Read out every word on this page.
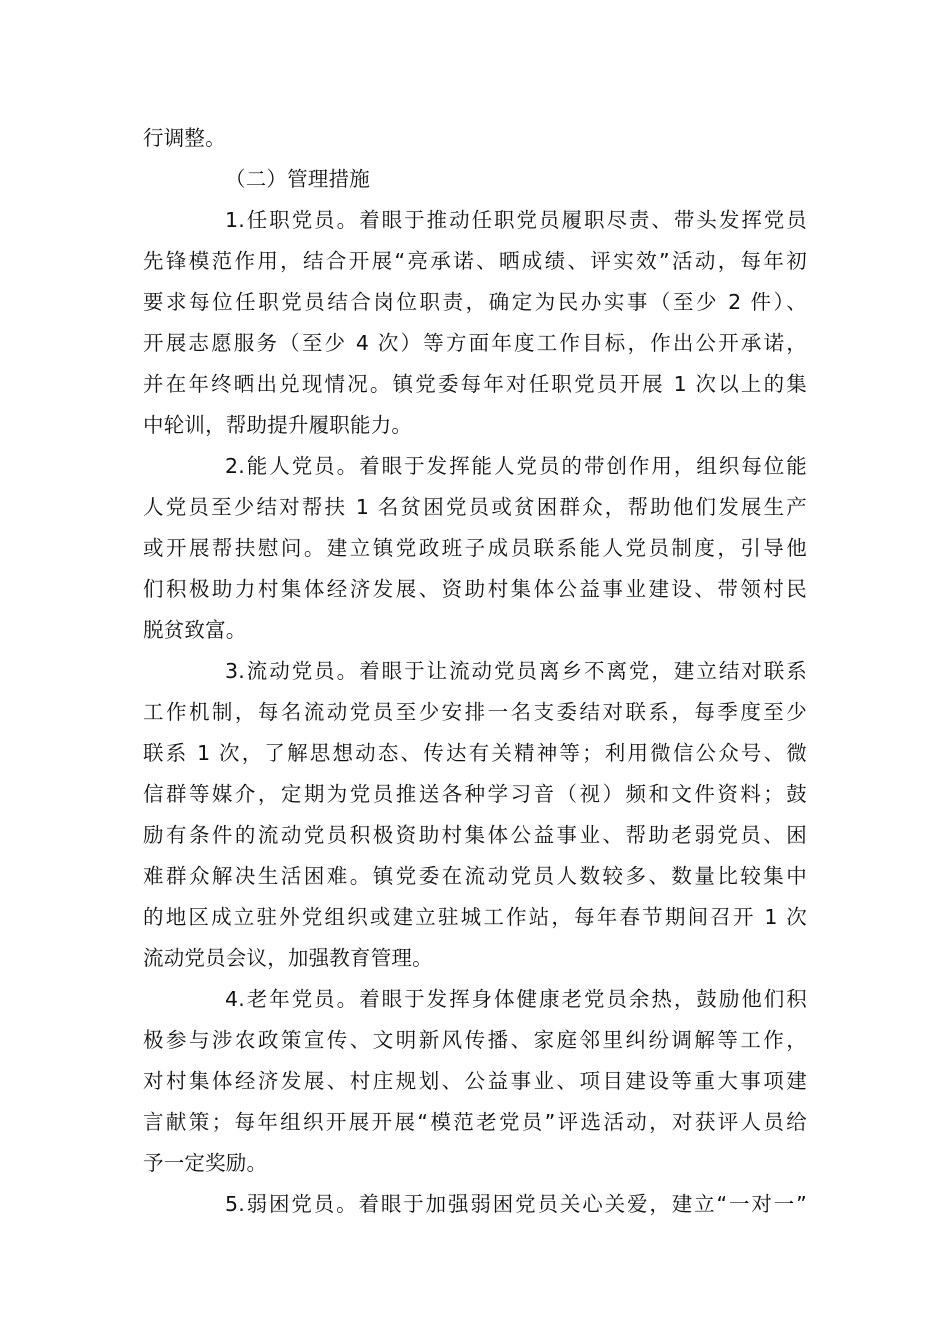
行调整。
（二）管理措施
1.任职党员。着眼于推动任职党员履职尽责、带头发挥党员
先锋模范作用，结合开展“亮承诺、晒成绩、评实效”活动，每年初
要求每位任职党员结合岗位职责，确定为民办实事（至少 2 件）、
开展志愿服务（至少 4 次）等方面年度工作目标，作出公开承诺，
并在年终晒出兑现情况。镇党委每年对任职党员开展 1 次以上的集
中轮训，帮助提升履职能力。
2.能人党员。着眼于发挥能人党员的带创作用，组织每位能
人党员至少结对帮扶 1 名贫困党员或贫困群众，帮助他们发展生产
或开展帮扶慰问。建立镇党政班子成员联系能人党员制度，引导他
们积极助力村集体经济发展、资助村集体公益事业建设、带领村民
脱贫致富。
3.流动党员。着眼于让流动党员离乡不离党，建立结对联系
工作机制，每名流动党员至少安排一名支委结对联系，每季度至少
联系 1 次，了解思想动态、传达有关精神等；利用微信公众号、微
信群等媒介，定期为党员推送各种学习音（视）频和文件资料；鼓
励有条件的流动党员积极资助村集体公益事业、帮助老弱党员、困
难群众解决生活困难。镇党委在流动党员人数较多、数量比较集中
的地区成立驻外党组织或建立驻城工作站，每年春节期间召开 1 次
流动党员会议，加强教育管理。
4.老年党员。着眼于发挥身体健康老党员余热，鼓励他们积
极参与涉农政策宣传、文明新风传播、家庭邻里纠纷调解等工作，
对村集体经济发展、村庄规划、公益事业、项目建设等重大事项建
言献策；每年组织开展开展“模范老党员”评选活动，对获评人员给
予一定奖励。
5.弱困党员。着眼于加强弱困党员关心关爱，建立“一对一”
